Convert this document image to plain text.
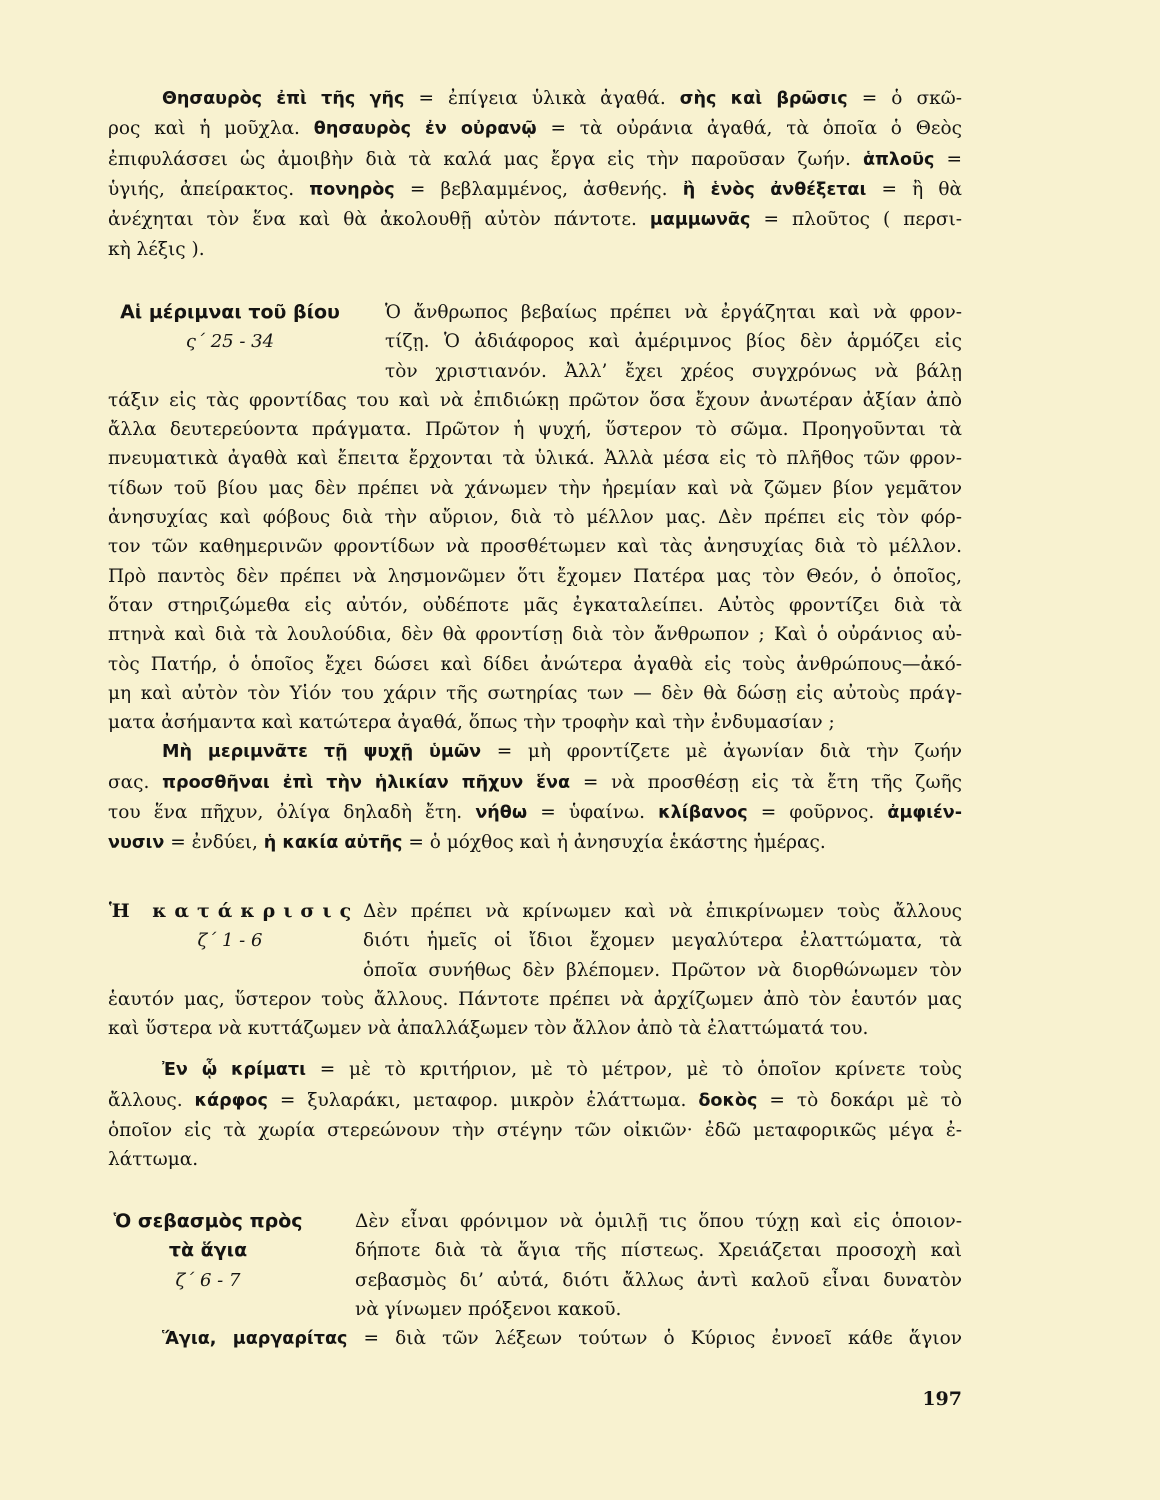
Θησαυρὸς ἐπὶ τῆς γῆς = ἐπίγεια ὑλικὰ ἀγαθά. σὴς καὶ βρῶσις = ὁ σκῶ-
ρος καὶ ἡ μοῦχλα. θησαυρὸς ἐν οὐρανῷ = τὰ οὐράνια ἀγαθά, τὰ ὁποῖα ὁ Θεὸς
ἐπιφυλάσσει ὡς ἀμοιβὴν διὰ τὰ καλά μας ἔργα εἰς τὴν παροῦσαν ζωήν. ἁπλοῦς =
ὑγιής, ἀπείρακτος. πονηρὸς = βεβλαμμένος, ἀσθενής. ἢ ἑνὸς ἀνθέξεται = ἢ θὰ
ἀνέχηται τὸν ἕνα καὶ θὰ ἀκολουθῇ αὐτὸν πάντοτε. μαμμωνᾶς = πλοῦτος ( περσι-
κὴ λέξις ).
Αἱ μέριμναι τοῦ βίου
ς΄ 25 - 34
Ὁ ἄνθρωπος βεβαίως πρέπει νὰ ἐργάζηται καὶ νὰ φρον-
τίζῃ. Ὁ ἀδιάφορος καὶ ἀμέριμνος βίος δὲν ἁρμόζει εἰς
τὸν χριστιανόν. Ἀλλ’ ἔχει χρέος συγχρόνως νὰ βάλῃ
τάξιν εἰς τὰς φροντίδας του καὶ νὰ ἐπιδιώκῃ πρῶτον ὅσα ἔχουν ἀνωτέραν ἀξίαν ἀπὸ
ἄλλα δευτερεύοντα πράγματα. Πρῶτον ἡ ψυχή, ὕστερον τὸ σῶμα. Προηγοῦνται τὰ
πνευματικὰ ἀγαθὰ καὶ ἔπειτα ἔρχονται τὰ ὑλικά. Ἀλλὰ μέσα εἰς τὸ πλῆθος τῶν φρον-
τίδων τοῦ βίου μας δὲν πρέπει νὰ χάνωμεν τὴν ἠρεμίαν καὶ νὰ ζῶμεν βίον γεμᾶτον
ἀνησυχίας καὶ φόβους διὰ τὴν αὔριον, διὰ τὸ μέλλον μας. Δὲν πρέπει εἰς τὸν φόρ-
τον τῶν καθημερινῶν φροντίδων νὰ προσθέτωμεν καὶ τὰς ἀνησυχίας διὰ τὸ μέλλον.
Πρὸ παντὸς δὲν πρέπει νὰ λησμονῶμεν ὅτι ἔχομεν Πατέρα μας τὸν Θεόν, ὁ ὁποῖος,
ὅταν στηριζώμεθα εἰς αὐτόν, οὐδέποτε μᾶς ἐγκαταλείπει. Αὐτὸς φροντίζει διὰ τὰ
πτηνὰ καὶ διὰ τὰ λουλούδια, δὲν θὰ φροντίσῃ διὰ τὸν ἄνθρωπον ; Καὶ ὁ οὐράνιος αὐ-
τὸς Πατήρ, ὁ ὁποῖος ἔχει δώσει καὶ δίδει ἀνώτερα ἀγαθὰ εἰς τοὺς ἀνθρώπους—ἀκό-
μη καὶ αὐτὸν τὸν Υἱόν του χάριν τῆς σωτηρίας των — δὲν θὰ δώσῃ εἰς αὐτοὺς πράγ-
ματα ἀσήμαντα καὶ κατώτερα ἀγαθά, ὅπως τὴν τροφὴν καὶ τὴν ἐνδυμασίαν ;
Μὴ μεριμνᾶτε τῇ ψυχῇ ὑμῶν = μὴ φροντίζετε μὲ ἀγωνίαν διὰ τὴν ζωήν
σας. προσθῆναι ἐπὶ τὴν ἡλικίαν πῆχυν ἕνα = νὰ προσθέσῃ εἰς τὰ ἔτη τῆς ζωῆς
του ἕνα πῆχυν, ὀλίγα δηλαδὴ ἔτη. νήθω = ὑφαίνω. κλίβανος = φοῦρνος. ἀμφιέν-
νυσιν = ἐνδύει, ἡ κακία αὐτῆς = ὁ μόχθος καὶ ἡ ἀνησυχία ἑκάστης ἡμέρας.
Ἡ κατάκρισις
ζ΄ 1 - 6
Δὲν πρέπει νὰ κρίνωμεν καὶ νὰ ἐπικρίνωμεν τοὺς ἄλλους
διότι ἡμεῖς οἱ ἴδιοι ἔχομεν μεγαλύτερα ἐλαττώματα, τὰ
ὁποῖα συνήθως δὲν βλέπομεν. Πρῶτον νὰ διορθώνωμεν τὸν
ἑαυτόν μας, ὕστερον τοὺς ἄλλους. Πάντοτε πρέπει νὰ ἀρχίζωμεν ἀπὸ τὸν ἑαυτόν μας
καὶ ὕστερα νὰ κυττάζωμεν νὰ ἀπαλλάξωμεν τὸν ἄλλον ἀπὸ τὰ ἐλαττώματά του.
Ἐν ᾧ κρίματι = μὲ τὸ κριτήριον, μὲ τὸ μέτρον, μὲ τὸ ὁποῖον κρίνετε τοὺς
ἄλλους. κάρφος = ξυλαράκι, μεταφορ. μικρὸν ἐλάττωμα. δοκὸς = τὸ δοκάρι μὲ τὸ
ὁποῖον εἰς τὰ χωρία στερεώνουν τὴν στέγην τῶν οἰκιῶν· ἐδῶ μεταφορικῶς μέγα ἐ-
λάττωμα.
Ὁ σεβασμὸς πρὸς
τὰ ἅγια
ζ΄ 6 - 7
Δὲν εἶναι φρόνιμον νὰ ὁμιλῇ τις ὅπου τύχῃ καὶ εἰς ὁποιον-
δήποτε διὰ τὰ ἅγια τῆς πίστεως. Χρειάζεται προσοχὴ καὶ
σεβασμὸς δι’ αὐτά, διότι ἄλλως ἀντὶ καλοῦ εἶναι δυνατὸν
νὰ γίνωμεν πρόξενοι κακοῦ.
Ἅγια, μαργαρίτας = διὰ τῶν λέξεων τούτων ὁ Κύριος ἐννοεῖ κάθε ἅγιον
197
